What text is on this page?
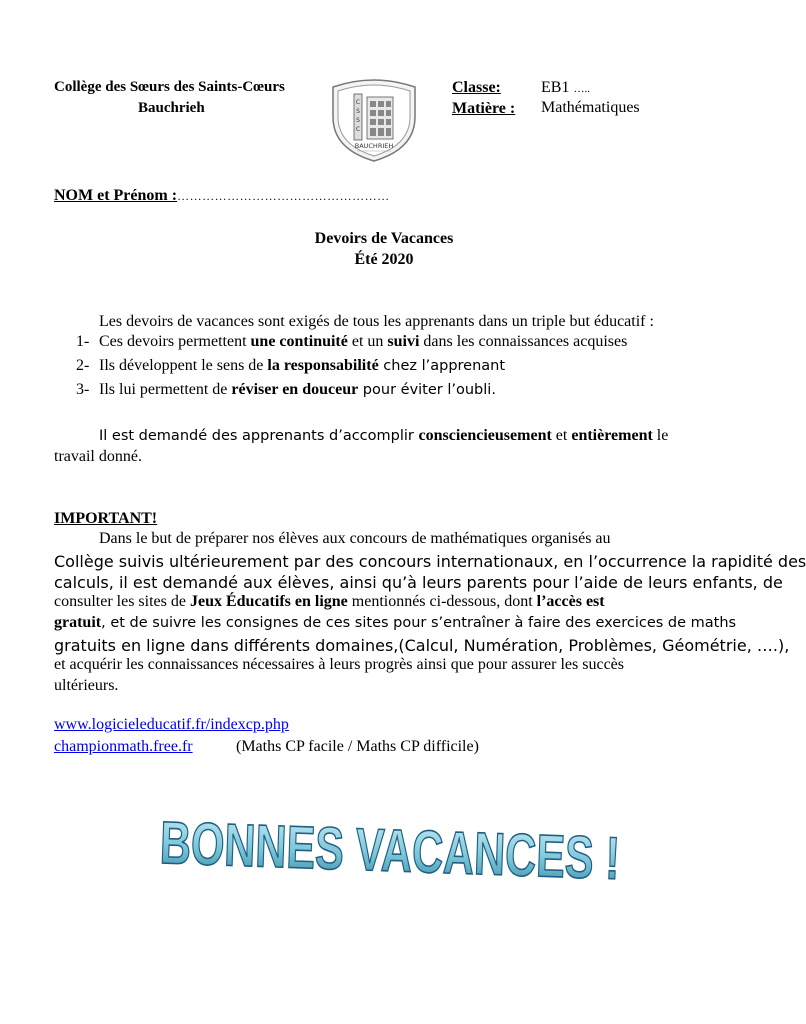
Collège des Sœurs des Saints-Cœurs
Bauchrieh	C
S
S
C
BAUCHRIEH
Classe:	EB1 …..
Matière : Mathématiques
NOM et Prénom :……………………………………………
Devoirs de Vacances
Été 2020
Les devoirs de vacances sont exigés de tous les apprenants dans un triple but éducatif :
1- Ces devoirs permettent une continuité et un suivi dans les connaissances acquises
2- Ils développent le sens de la responsabilité chez l’apprenant
3- Ils lui permettent de réviser en douceur pour éviter l’oubli.
Il est demandé des apprenants d’accomplir consciencieusement et entièrement le
travail donné.
IMPORTANT!
Dans le but de préparer nos élèves aux concours de mathématiques organisés au
Collège suivis ultérieurement par des concours internationaux, en l’occurrence la rapidité des
calculs, il est demandé aux élèves, ainsi qu’à leurs parents pour l’aide de leurs enfants, de
consulter les sites de Jeux Éducatifs en ligne mentionnés ci-dessous, dont l’accès est
gratuit, et de suivre les consignes de ces sites pour s’entraîner à faire des exercices de maths
gratuits en ligne dans différents domaines,(Calcul, Numération, Problèmes, Géométrie, ….),
et acquérir les connaissances nécessaires à leurs progrès ainsi que pour assurer les succès
ultérieurs.
www.logicieleducatif.fr/indexcp.php
championmath.free.fr	(Maths CP facile / Maths CP difficile)
BONNES VACANCES !
